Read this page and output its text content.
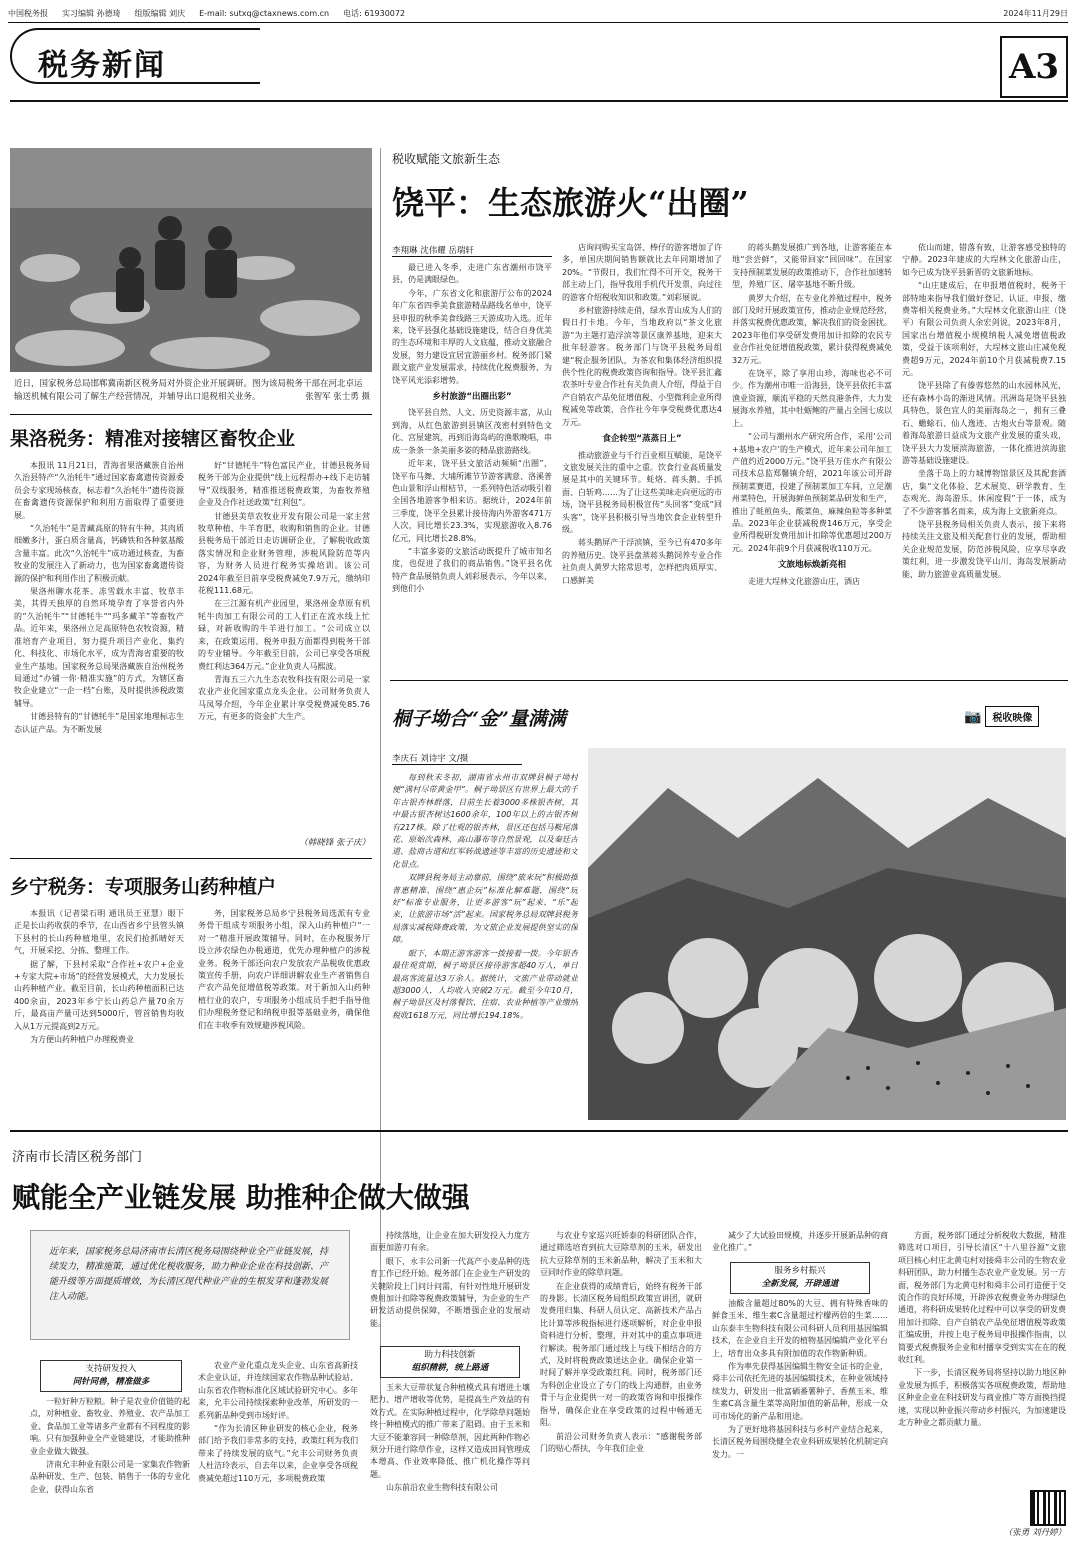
中国税务报 实习编辑 孙德琦 组版编辑 刘庆 E-mail: sutxq@ctaxnews.com.cn 电话: 61930072	2024年11月29日
税务新闻	A3
近日，国家税务总局邯郸冀南新区税务局对外资企业开展调研。图为该局税务干部在河北卓运输送机械有限公司了解生产经营情况，并辅导出口退税相关业务。	张智军 张士勇 摄
果洛税务：精准对接辖区畜牧企业

本报讯 11月21日，青海省果洛藏族自治州久治县特产“久治牦牛”通过国家畜禽遗传资源委员会专家现场核查，标志着“久治牦牛”遗传资源在畜禽遗传资源保护和利用方面取得了重要进展。

“久治牦牛”是青藏高原的特有牛种，其肉质细嫩多汁，蛋白质含量高，钙磷铁和各种氨基酸含量丰富。此次“久治牦牛”成功通过核查，为畜牧业的发展注入了新动力，也为国家畜禽遗传资源的保护和利用作出了积极贡献。

果洛州聊水花茶、冻雪载水丰富、牧草丰美，其得天独厚的自然环境孕育了享誉省内外的“久治牦牛”“甘德牦牛”“玛多藏羊”等畜牧产品。近年来，果洛州立足高原特色农牧资源，精准培育产业项目，努力提升项目产业化、集约化、科技化、市场化水平，成为青海省重要的牧业生产基地。国家税务总局果洛藏族自治州税务局通过“办铺一你·精准实施”的方式，为辖区畜牧企业建立“一企一档”台账，及时提供涉税政策辅导。

甘德县特有的“甘德牦牛”是国家地理标志生态认证产品。为不断发展

好“甘德牦牛”特色富民产业，甘德县税务局税务干部为企业提供“线上远程帮办+线下走访辅导”双线服务，精准推送税费政策，为畜牧养殖企业及合作社送政策“红利包”。

甘德县美草农牧业开发有限公司是一家主营牧草种植、牛羊育肥、收购和销售的企业。甘德县税务局干部近日走访调研企业，了解税收政策落实情况和企业财务管理，涉税风险防范等内容，为财务人员进行税务实操培训。该公司2024年截至目前享受税费减免7.9万元，缴纳印花税111.68元。

在三江源有机产业园里，果洛州金草原有机牦牛肉加工有限公司的工人们正在流水线上忙碌，对新收购的牛羊进行加工。“公司成立以来，在政策运用、税务申报方面都得到税务干部的专业辅导。今年截至目前，公司已享受各项税费红利达364万元。”企业负责人马熙波。

青海五三六九生态农牧科技有限公司是一家农业产业化国家重点龙头企业。公司财务负责人马凤琴介绍，今年企业累计享受税费减免85.76万元，有更多的资金扩大生产。

（韩晓锋 张子庆）
乡宁税务：专项服务山药种植户

本报讯（记者梁石明 通讯员王亚慧）眼下正是长山药收获的季节，在山西省乡宁县管头镇下县村的长山药种植地里，农民们抢抓晴好天气，开展采挖、分拣、整理工作。

据了解，下县村采取“合作社+农户+企业+专家大院+市场”的经营发展模式，大力发展长山药种植产业。截至目前，长山药种植面积已达400余亩，2023年乡宁长山药总产量70余万斤，最高亩产量可达到5000斤，管首销售均收入从1万元提高到2万元。

为方便山药种植户办理税费业

务，国家税务总局乡宁县税务局选派有专业务骨干组成专项服务小组，深入山药种植户“一对一”精准开展政策辅导。同时，在办税服务厅设立涉农绿色办税通道，优先办理种植户的涉税业务。税务干部还向农户发放农产品税收优惠政策宣传手册，向农户详细讲解农业生产者销售自产农产品免征增值税等政策。对于新加入山药种植行业的农户，专项服务小组成员手把手指导他们办理税务登记和纳税申报等基础业务，确保他们在丰收季有效规避涉税风险。

税收赋能文旅新生态
饶平：生态旅游火“出圈”
李翔琳 沈伟耀 岳瑞轩

最已进入冬季，走进广东省潮州市饶平县，仍是满眼绿色。

今年，广东省文化和旅游厅公布的2024年广东省四季美食旅游精品路线名单中，饶平县申报的秋季美食线路三天游成功入选。近年来，饶平县强化基础设施建设，结合自身优美的生态环境和丰厚的人文底蕴，推动文旅融合发展，努力建设宜居宜游丽乡村。税务部门紧跟文旅产业发展需求，持续优化税费服务，为饶平风光添彩增势。

乡村旅游“出圈出彩”

饶平县自然、人文、历史资源丰富，从山到海，从红色旅游到县镇区茂密村到特色文化、宫屋建筑，再到沿海岛屿的渔歌晚唱，串成一条条一条美丽多姿的精品旅游路线。

近年来，饶平县文旅活动频频“出圈”，饶平布马舞、大埔所滩节节游客满意、洛溪普色山景和浮山柑桔节，一系列特色活动吸引着全国各地游客争相来访。据统计，2024年前三季度，饶平全县累计接待海内外游客471万人次，同比增长23.3%，实现旅游收入8.76亿元，同比增长28.8%。

“丰富多姿的文旅活动既提升了城市知名度，也促进了我们的商品销售。”饶平县名优特产食品展销负责人刘彩展表示，今年以来，到他们小

店询问购买宝岛饼、棒仔的游客增加了许多，单国庆期间销售额就比去年同期增加了20%。“节假日，我们忙得不可开交，税务干部主动上门，指导我用手机代开发票，向过往的游客介绍税收知识和政策。”刘彩展说。

乡村旅游持续走俏，绿水青山成为人们的假日打卡地。今年，当地政府以“茶文化旅游”为主题打造浮滨等景区康养基地，迎来大批年轻游客。税务部门与饶平县税务局组建“税企服务团队，为茶农和集体经济组织提供个性化的税费政策咨询和指导。饶平县汇鑫农茶叶专业合作社有关负责人介绍，得益于自产自销农产品免征增值税、小型微利企业所得税减免等政策，合作社今年享受税费优惠达4万元。

食企转型“蒸蒸日上”

推动旅游业与千行百业相互赋能，是饶平文旅发展关注的重中之重。饮食行业高质量发展是其中的关键环节。蚝烙、蒋头鹅、手抓面、白斩鸡……为了让这些美味走向更远的市场，饶平县税务局积极宣传“头回客”变成“回头客”，饶平县积极引导当地饮食企业转型升级。

蒋头鹅屏产于浮滨镇，至今已有470多年的养殖历史。饶平县盘蒸蒋头鹅饲养专业合作社负责人黄罗大铭常思考，怎样把肉质厚实、口感鲜美

的蒋头鹅发展推广到各地，让游客能在本地“尝尝鲜”，又能带回家“回回味”。在国家支持预制菜发展的政策推动下，合作社加速转型，养殖厂区、屠宰基地不断升级。

黄罗大介绍，在专业化养殖过程中，税务部门及时开展政策宣传，推动企业规范经营，并落实税费优惠政策，解决我们的资金困扰。2023年他们享受研发费用加计扣除的农民专业合作社免征增值税政策，累计获得税费减免32万元。

在饶平，除了享用山珍，海味也必不可少。作为潮州市唯一沿海县，饶平县依托丰富渔业资源，顺流平稳的天然良港条件，大力发展海水养殖，其中牡蛎鲍的产量占全国七成以上。

“公司与潮州水产研究所合作，采用‘公司+基地+农户’的生产模式，近年来公司年加工产值约近2000万元。”饶平县万佳水产有限公司技术总监郑馨镇介绍，2021年该公司开辟预制菜赛道，投建了预制菜加工车间，立足潮州菜特色，开展海鲜鱼预制菜品研发和生产，推出了蚝煎鱼头、酸菜鱼、麻辣鱼粒等多种菜品。2023年企业获减税费146万元，享受企业所得税研发费用加计扣除等优惠超过200万元。2024年前9个月获减税收110万元。

文旅地标焕新亮相

走进大埕林文化旅游山庄，酒店

依山而建，错落有致，让游客感受独特的宁静。2023年建成的大埕林文化旅游山庄，如今已成为饶平县新晋的文旅新地标。

“山庄建成后，在申报增值税时，税务干部特地来指导我们做好登记、认证、申报、缴费等相关税费业务。”大埕林文化旅游山庄（饶平）有限公司负责人余宏剑说，2023年8月，国家出台增值税小规模纳税人减免增值税政策，受益于该项利好，大埕林文旅山庄减免税费超9万元，2024年前10个月获减税费7.15元。

饶平县除了有傣蓉悠然的山水园林风光，还有森林小岛的渐进风情。汛洲岛是饶平县独具特色，景色宜人的美丽海岛之一，拥有三叠石、蟾蜍石、仙人逸迹、古炮火台等景观。随着海岛旅游日益成为文旅产业发展的重头戏，饶平县大力发展滨海旅游，一体化推进滨海旅游等基础设施建设。

坐落于岛上的力城博物馆景区及其配套酒店，集“文化体验、艺术展览、研学教育、生态观光、海岛游乐、休闲度假”于一体，成为了不少游客慕名而来，成为海上文旅新亮点。

饶平县税务局相关负责人表示，接下来将持续关注文旅及相关配套行业的发展，帮助相关企业规范发展，防范涉税风险，应享尽享政策红利，进一步激发饶平山川、海岛发展新动能，助力旅游业高质量发展。

桐子坳合“金”量满满	📷	税收映像
李庆石 刘诗宇 文/摄

每到秋末冬初，湖南省永州市双牌县桐子坳村便“满村尽带黄金甲”。桐子坳景区有世界上最大的千年古银杏林群落，目前生长着3000多株银杏树，其中最古银杏树达1600余年，100年以上的古银杏树有217株。除了壮观的银杏林，景区还包括马鞍尾落花、原始次森林、高山瀑布等自然景观，以及秦廷古道、盐商古道和红军转战遗迹等丰富的历史遗迹和文化景点。

双牌县税务局主动靠前，围绕“旅来玩”积极助推普惠精准、围绕“惠企玩”标准化解难题，围绕“玩好”标准专业服务，让更多游客“玩”起来、“乐”起来，让旅游市场“活”起来。国家税务总局双牌县税务局落实减税降费政策，为文旅企业发展提供坚实的保障。

眼下，本期正游客游客一拨接着一拨。今年银杏最佳观赏期，桐子坳景区接待游客超40万人，单日最高客流量达3万余人。据统计，文旅产业带动就业超3000人，人均收入突破2万元。截至今年10月，桐子坳景区及村落餐饮、住宿、农业种植等产业缴纳税收1618万元，同比增长194.18%。

济南市长清区税务部门
赋能全产业链发展 助推种企做大做强
近年来，国家税务总局济南市长清区税务局围绕种业全产业链发展，持续发力，精准施策，通过优化税收服务，助力种业企业在科技创新、产能升级等方面提质增效，为长清区现代种业产业的生根发芽和蓬勃发展注入动能。
支持研发投入
同针同兽，精准做多

一粒好种万粒粮。种子是农业价值链的起点，对种植业、畜牧业、养殖业、农产品加工业、食品加工业等诸多产业都有不同程度的影响。只有加强种业全产业链建设，才能助推种业企业做大做强。

济南允丰种业有限公司是一家集农作物新品种研发、生产、包装、销售于一体的专业化企业，获得山东省

农业产业化重点龙头企业、山东省高新技术企业认证，并连续国家农作物品种试验站、山东省农作物标准化区域试验研究中心。多年来，允丰公司持续探索种业改革，所研发的一系列新品种受到市场好评。

“作为长清区种业研发的核心企业，税务部门给予我们非常多的支持，政策红利为我们带来了持续发展的底气。”允丰公司财务负责人杜洁玲表示，自去年以来，企业享受各项税费减免超过110万元，多项税费政策

持续落地，让企业在加大研发投入力度方面更加游刃有余。

眼下，永丰公司新一代高产小麦品种的选育工作已经开始。税务部门在企业生产研发的关键阶段上门问计问需，有针对性地开展研发费用加计扣除等税费政策辅导，为企业的生产研发活动提供保障，不断增强企业的发展动能。

助力科技创新
组织精耕，统上路通

玉米大豆带状复合种植模式具有增进土壤肥力、增产增收等优势，是提高生产效益的有效方式。在实际种植过程中，化学除草问题始终一种植模式的推广带来了阻碍。由于玉米和大豆不能兼容同一种除草剂，因此两种作物必须分开进行除草作业，这样又造成田间管理成本增高、作业效率降低、推广机化操作等问题。

山东前沿农业生物科技有限公司

与农业专家巡兴旺娇泰的科研团队合作，通过筛选培育到抗大豆除草剂的玉米，研发出抗大豆除草剂的玉米新品种，解决了玉米和大豆同时作业的除草问题。

在企业获得的成绩背后，始终有税务干部的身影。长清区税务局组织政策宣讲团，就研发费用归集、科研人员认定、高新技术产品占比计算等涉税指标进行逐项解析，对企业申报资料进行分析、整理，并对其中的重点事项进行解读。税务部门通过线上与线下相结合的方式，及时将税费政策送达企业。确保企业第一时间了解并享受政策红利。同时，税务部门还为科创企业设立了专门的线上沟通群，由业务骨干与企业提供一对一的政策咨询和申报操作指导，确保企业在享受政策的过程中畅通无阻。

前沿公司财务负责人表示：“感谢税务部门的贴心帮扶，今年我们企业

减少了大试验田规模，并逐步开展新品种的商业化推广。”

服务乡村振兴
全新发展，开辟通道

油酸含量超过80%的大豆、拥有特殊香味的鲜食玉米、维生素C含量超过柠檬两倍的生菜……山东泰丰生物科技有限公司科研人员利用基因编辑技术，在企业自主开发的植物基因编辑产业化平台上，培育出众多具有附加值的农作物新种质。

作为率先获得基因编辑生物安全证书的企业，舜丰公司依托先进的基因编辑技术，在种业领域持续发力，研发出一批富硒番薯种子、香蕉玉米、维生素C高含量生菜等高附加值的新品种，形成一众可市场化的新产品和用途。

为了更好地将基因科技与乡村产业结合起来，长清区税务局围绕健全农业科研成果转化机制定向发力。一

方面，税务部门通过分析税收大数据，精准筛选对口项目，引导长清区“十八里谷源”文旅项目核心村庄北黄屯村对接舜丰公司的生物农业科研团队，助力村播生态农业产业发展。另一方面，税务部门为北黄屯村和舜丰公司打造便于交流合作的良好环境，开辟涉农税费业务办理绿色通道，将科研成果转化过程中可以享受的研发费用加计扣除、自产自销农产品免征增值税等政策汇编成册，并按上电子税务局申报操作指南，以简要式税费服务企业和村播享受到实实在在的税收红利。

下一步，长清区税务局将坚持以助力地区种业发展为抓手，积极落实各项税费政策，帮助地区种业企业在科技研发与商业推广等方面换挡提速，实现以种业振兴带动乡村振兴，为加速建设北方种业之都贡献力量。

（张勇 刘丹婷）
